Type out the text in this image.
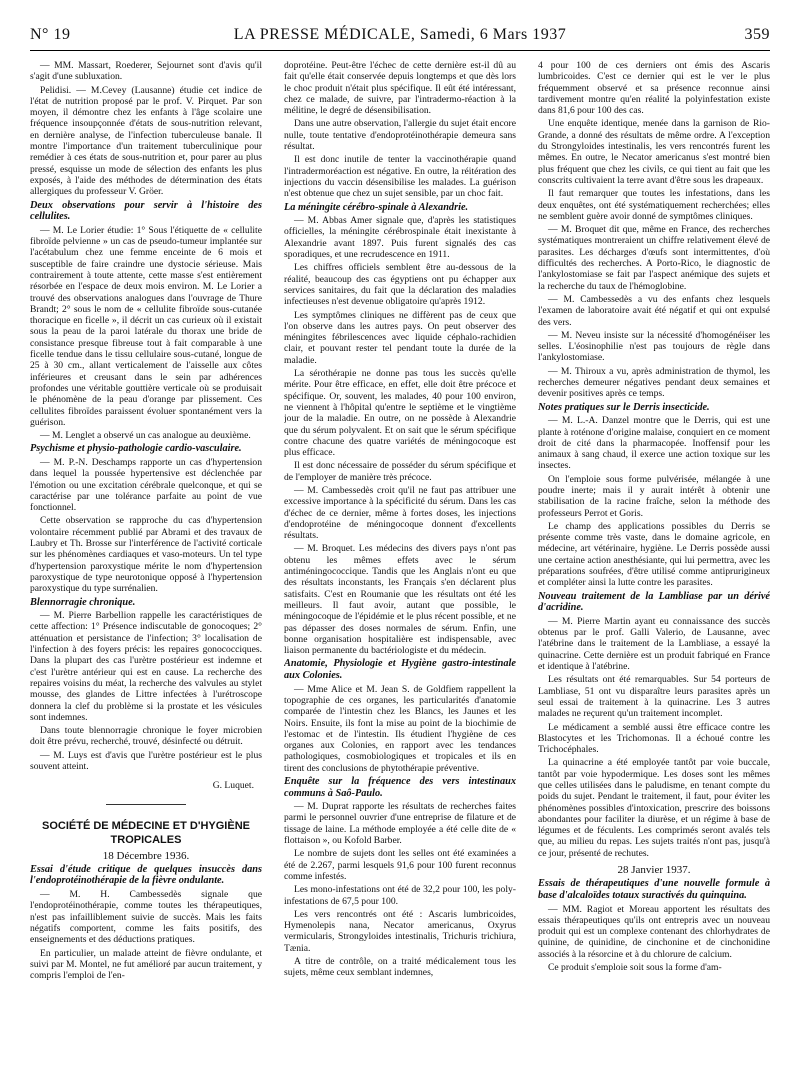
N° 19	LA PRESSE MÉDICALE, Samedi, 6 Mars 1937	359

— MM. Massart, Roederer, Sejournet sont d'avis qu'il s'agit d'une subluxation.

Pelidisi. — M.Cevey (Lausanne) étudie cet indice de l'état de nutrition proposé par le prof. V. Pirquet. Par son moyen, il démontre chez les enfants à l'âge scolaire une fréquence insoupçonnée d'états de sous-nutrition relevant, en dernière analyse, de l'infection tuberculeuse banale. Il montre l'importance d'un traitement tuberculinique pour remédier à ces états de sous-nutrition et, pour parer au plus pressé, esquisse un mode de sélection des enfants les plus exposés, à l'aide des méthodes de détermination des états allergiques du professeur V. Gröer.

Deux observations pour servir à l'histoire des cellulites.

— M. Le Lorier étudie: 1° Sous l'étiquette de « cellulite fibroïde pelvienne » un cas de pseudo-tumeur implantée sur l'acétabulum chez une femme enceinte de 6 mois et susceptible de faire craindre une dystocie sérieuse. Mais contrairement à toute attente, cette masse s'est entièrement résorbée en l'espace de deux mois environ. M. Le Lorier a trouvé des observations analogues dans l'ouvrage de Thure Brandt; 2° sous le nom de « cellulite fibroïde sous-cutanée thoracique en ficelle », il décrit un cas curieux où il existait sous la peau de la paroi latérale du thorax une bride de consistance presque fibreuse tout à fait comparable à une ficelle tendue dans le tissu cellulaire sous-cutané, longue de 25 à 30 cm., allant verticalement de l'aisselle aux côtes inférieures et creusant dans le sein par adhérences profondes une véritable gouttière verticale où se produisait le phénomène de la peau d'orange par plissement. Ces cellulites fibroïdes paraissent évoluer spontanément vers la guérison.

— M. Lenglet a observé un cas analogue au deuxième.

Psychisme et physio-pathologie cardio-vasculaire.

— M. P.-N. Deschamps rapporte un cas d'hypertension dans lequel la poussée hypertensive est déclenchée par l'émotion ou une excitation cérébrale quelconque, et qui se caractérise par une tolérance parfaite au point de vue fonctionnel.

Cette observation se rapproche du cas d'hypertension volontaire récemment publié par Abrami et des travaux de Laubry et Th. Brosse sur l'interférence de l'activité corticale sur les phénomènes cardiaques et vaso-moteurs. Un tel type d'hypertension paroxystique mérite le nom d'hypertension paroxystique de type neurotonique opposé à l'hypertension paroxystique du type surrénalien.

Blennorragie chronique.

— M. Pierre Barbellion rappelle les caractéristiques de cette affection: 1° Présence indiscutable de gonocoques; 2° atténuation et persistance de l'infection; 3° localisation de l'infection à des foyers précis: les repaires gonococciques. Dans la plupart des cas l'urètre postérieur est indemne et c'est l'urètre antérieur qui est en cause. La recherche des repaires voisins du méat, la recherche des valvules au stylet mousse, des glandes de Littre infectées à l'urétroscope donnera la clef du problème si la prostate et les vésicules sont indemnes.

Dans toute blennorragie chronique le foyer microbien doit être prévu, recherché, trouvé, désinfecté ou détruit.

— M. Luys est d'avis que l'urètre postérieur est le plus souvent atteint.

G. Luquet.

SOCIÉTÉ DE MÉDECINE ET D'HYGIÈNE TROPICALES

18 Décembre 1936.

Essai d'étude critique de quelques insuccès dans l'endoprotéinothérapie de la fièvre ondulante.

— M. H. Cambessedès signale que l'endoprotéinothérapie, comme toutes les thérapeutiques, n'est pas infailliblement suivie de succès. Mais les faits négatifs comportent, comme les faits positifs, des enseignements et des déductions pratiques.

En particulier, un malade atteint de fièvre ondulante, et suivi par M. Montel, ne fut amélioré par aucun traitement, y compris l'emploi de l'en-

doprotéine. Peut-être l'échec de cette dernière est-il dû au fait qu'elle était conservée depuis longtemps et que dès lors le choc produit n'était plus spécifique. Il eût été intéressant, chez ce malade, de suivre, par l'intradermo-réaction à la mélitine, le degré de désensibilisation.

Dans une autre observation, l'allergie du sujet était encore nulle, toute tentative d'endoprotéinothérapie demeura sans résultat.

Il est donc inutile de tenter la vaccinothérapie quand l'intradermoréaction est négative. En outre, la réitération des injections du vaccin désensibilise les malades. La guérison n'est obtenue que chez un sujet sensible, par un choc fait.

La méningite cérébro-spinale à Alexandrie.

— M. Abbas Amer signale que, d'après les statistiques officielles, la méningite cérébrospinale était inexistante à Alexandrie avant 1897. Puis furent signalés des cas sporadiques, et une recrudescence en 1911.

Les chiffres officiels semblent être au-dessous de la réalité, beaucoup des cas égyptiens ont pu échapper aux services sanitaires, du fait que la déclaration des maladies infectieuses n'est devenue obligatoire qu'après 1912.

Les symptômes cliniques ne diffèrent pas de ceux que l'on observe dans les autres pays. On peut observer des méningites fébrilescences avec liquide céphalo-rachidien clair, et pouvant rester tel pendant toute la durée de la maladie.

La sérothérapie ne donne pas tous les succès qu'elle mérite. Pour être efficace, en effet, elle doit être précoce et spécifique. Or, souvent, les malades, 40 pour 100 environ, ne viennent à l'hôpital qu'entre le septième et le vingtième jour de la maladie. En outre, on ne possède à Alexandrie que du sérum polyvalent. Et on sait que le sérum spécifique contre chacune des quatre variétés de méningocoque est plus efficace.

Il est donc nécessaire de posséder du sérum spécifique et de l'employer de manière très précoce.

— M. Cambessedès croit qu'il ne faut pas attribuer une excessive importance à la spécificité du sérum. Dans les cas d'échec de ce dernier, même à fortes doses, les injections d'endoprotéine de méningocoque donnent d'excellents résultats.

— M. Broquet. Les médecins des divers pays n'ont pas obtenu les mêmes effets avec le sérum antiméningococcique. Tandis que les Anglais n'ont eu que des résultats inconstants, les Français s'en déclarent plus satisfaits. C'est en Roumanie que les résultats ont été les meilleurs. Il faut avoir, autant que possible, le méningocoque de l'épidémie et le plus récent possible, et ne pas dépasser des doses normales de sérum. Enfin, une bonne organisation hospitalière est indispensable, avec liaison permanente du bactériologiste et du médecin.

Anatomie, Physiologie et Hygiène gastro-intestinale aux Colonies.

— Mme Alice et M. Jean S. de Goldfiem rappellent la topographie de ces organes, les particularités d'anatomie comparée de l'intestin chez les Blancs, les Jaunes et les Noirs. Ensuite, ils font la mise au point de la biochimie de l'estomac et de l'intestin. Ils étudient l'hygiène de ces organes aux Colonies, en rapport avec les tendances pathologiques, cosmobiologiques et tropicales et ils en tirent des conclusions de phytothérapie préventive.

Enquête sur la fréquence des vers intestinaux communs à Saô-Paulo.

— M. Duprat rapporte les résultats de recherches faites parmi le personnel ouvrier d'une entreprise de filature et de tissage de laine. La méthode employée a été celle dite de « flottaison », ou Kofold Barber.

Le nombre de sujets dont les selles ont été examinées a été de 2.267, parmi lesquels 91,6 pour 100 furent reconnus comme infestés.

Les mono-infestations ont été de 32,2 pour 100, les poly-infestations de 67,5 pour 100.

Les vers rencontrés ont été : Ascaris lumbricoides, Hymenolepis nana, Necator americanus, Oxyrus vermicularis, Strongyloides intestinalis, Trichuris trichiura, Tænia.

A titre de contrôle, on a traité médicalement tous les sujets, même ceux semblant indemnes,

4 pour 100 de ces derniers ont émis des Ascaris lumbricoides. C'est ce dernier qui est le ver le plus fréquemment observé et sa présence reconnue ainsi tardivement montre qu'en réalité la polyinfestation existe dans 81,6 pour 100 des cas.

Une enquête identique, menée dans la garnison de Rio-Grande, a donné des résultats de même ordre. A l'exception du Strongyloides intestinalis, les vers rencontrés furent les mêmes. En outre, le Necator americanus s'est montré bien plus fréquent que chez les civils, ce qui tient au fait que les conscrits cultivaient la terre avant d'être sous les drapeaux.

Il faut remarquer que toutes les infestations, dans les deux enquêtes, ont été systématiquement recherchées; elles ne semblent guère avoir donné de symptômes cliniques.

— M. Broquet dit que, même en France, des recherches systématiques montreraient un chiffre relativement élevé de parasites. Les décharges d'œufs sont intermittentes, d'où difficultés des recherches. A Porto-Rico, le diagnostic de l'ankylostomiase se fait par l'aspect anémique des sujets et la recherche du taux de l'hémoglobine.

— M. Cambessedès a vu des enfants chez lesquels l'examen de laboratoire avait été négatif et qui ont expulsé des vers.

— M. Neveu insiste sur la nécessité d'homogénéiser les selles. L'éosinophilie n'est pas toujours de règle dans l'ankylostomiase.

— M. Thiroux a vu, après administration de thymol, les recherches demeurer négatives pendant deux semaines et devenir positives après ce temps.

Notes pratiques sur le Derris insecticide.

— M. L.-A. Danzel montre que le Derris, qui est une plante à roténone d'origine malaise, conquiert en ce moment droit de cité dans la pharmacopée. Inoffensif pour les animaux à sang chaud, il exerce une action toxique sur les insectes.

On l'emploie sous forme pulvérisée, mélangée à une poudre inerte; mais il y aurait intérêt à obtenir une stabilisation de la racine fraîche, selon la méthode des professeurs Perrot et Goris.

Le champ des applications possibles du Derris se présente comme très vaste, dans le domaine agricole, en médecine, art vétérinaire, hygiène. Le Derris possède aussi une certaine action anesthésiante, qui lui permettra, avec les préparations soufrées, d'être utilisé comme antiprurigineux et compléter ainsi la lutte contre les parasites.

Nouveau traitement de la Lambliase par un dérivé d'acridine.

— M. Pierre Martin ayant eu connaissance des succès obtenus par le prof. Galli Valerio, de Lausanne, avec l'atébrine dans le traitement de la Lambliase, a essayé la quinacrine. Cette dernière est un produit fabriqué en France et identique à l'atébrine.

Les résultats ont été remarquables. Sur 54 porteurs de Lambliase, 51 ont vu disparaître leurs parasites après un seul essai de traitement à la quinacrine. Les 3 autres malades ne reçurent qu'un traitement incomplet.

Le médicament a semblé aussi être efficace contre les Blastocytes et les Trichomonas. Il a échoué contre les Trichocéphales.

La quinacrine a été employée tantôt par voie buccale, tantôt par voie hypodermique. Les doses sont les mêmes que celles utilisées dans le paludisme, en tenant compte du poids du sujet. Pendant le traitement, il faut, pour éviter les phénomènes possibles d'intoxication, prescrire des boissons abondantes pour faciliter la diurèse, et un régime à base de légumes et de féculents. Les comprimés seront avalés tels que, au milieu du repas. Les sujets traités n'ont pas, jusqu'à ce jour, présenté de rechutes.

28 Janvier 1937.

Essais de thérapeutiques d'une nouvelle formule à base d'alcaloïdes totaux suractivés du quinquina.

— MM. Ragiot et Moreau apportent les résultats des essais thérapeutiques qu'ils ont entrepris avec un nouveau produit qui est un complexe contenant des chlorhydrates de quinine, de quinidine, de cinchonine et de cinchonidine associés à la résorcine et à du chlorure de calcium.

Ce produit s'emploie soit sous la forme d'am-
